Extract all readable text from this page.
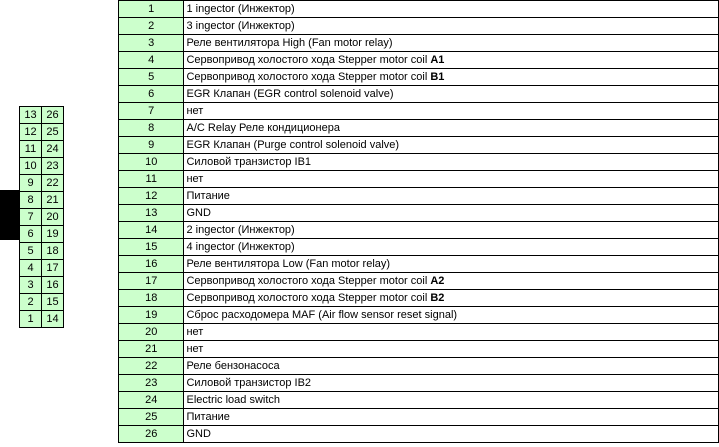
13	26
12	25
11	24
10	23
9	22
8	21
7	20
6	19
5	18
4	17
3	16
2	15
1	14
1	1 ingector (Инжектор)
2	3 ingector (Инжектор)
3	Реле вентилятора High (Fan motor relay)
4	Сервопривод холостого хода Stepper motor coil A1
5	Сервопривод холостого хода Stepper motor coil B1
6	EGR Клапан (EGR control solenoid valve)
7	нет
8	A/C Relay Реле кондиционера
9	EGR Клапан (Purge control solenoid valve)
10	Силовой транзистор IB1
11	нет
12	Питание
13	GND
14	2 ingector (Инжектор)
15	4 ingector (Инжектор)
16	Реле вентилятора Low (Fan motor relay)
17	Сервопривод холостого хода Stepper motor coil A2
18	Сервопривод холостого хода Stepper motor coil B2
19	Сброс расходомера MAF (Air flow sensor reset signal)
20	нет
21	нет
22	Реле бензонасоса
23	Силовой транзистор IB2
24	Electric load switch
25	Питание
26	GND
